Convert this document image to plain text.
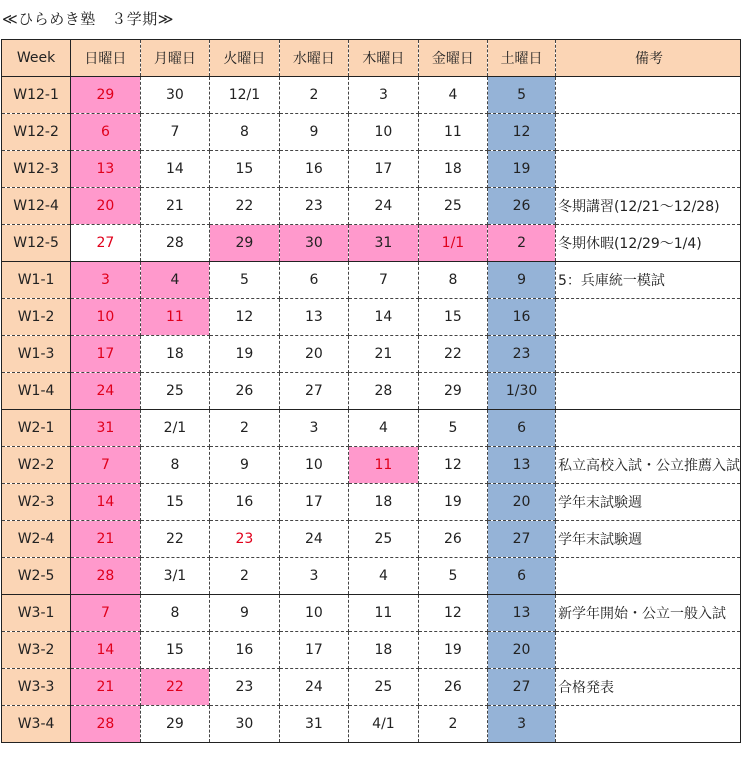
≪ひらめき塾　３学期≫
Week	日曜日	月曜日	火曜日	水曜日	木曜日	金曜日	土曜日	備考
W12-1	29	30	12/1	2	3	4	5	
W12-2	6	7	8	9	10	11	12	
W12-3	13	14	15	16	17	18	19	
W12-4	20	21	22	23	24	25	26	冬期講習(12/21～12/28)
W12-5	27	28	29	30	31	1/1	2	冬期休暇(12/29～1/4)
W1-1	3	4	5	6	7	8	9	5：兵庫統一模試
W1-2	10	11	12	13	14	15	16	
W1-3	17	18	19	20	21	22	23	
W1-4	24	25	26	27	28	29	1/30	
W2-1	31	2/1	2	3	4	5	6	
W2-2	7	8	9	10	11	12	13	私立高校入試・公立推薦入試
W2-3	14	15	16	17	18	19	20	学年末試験週
W2-4	21	22	23	24	25	26	27	学年末試験週
W2-5	28	3/1	2	3	4	5	6	
W3-1	7	8	9	10	11	12	13	新学年開始・公立一般入試
W3-2	14	15	16	17	18	19	20	
W3-3	21	22	23	24	25	26	27	合格発表
W3-4	28	29	30	31	4/1	2	3	
